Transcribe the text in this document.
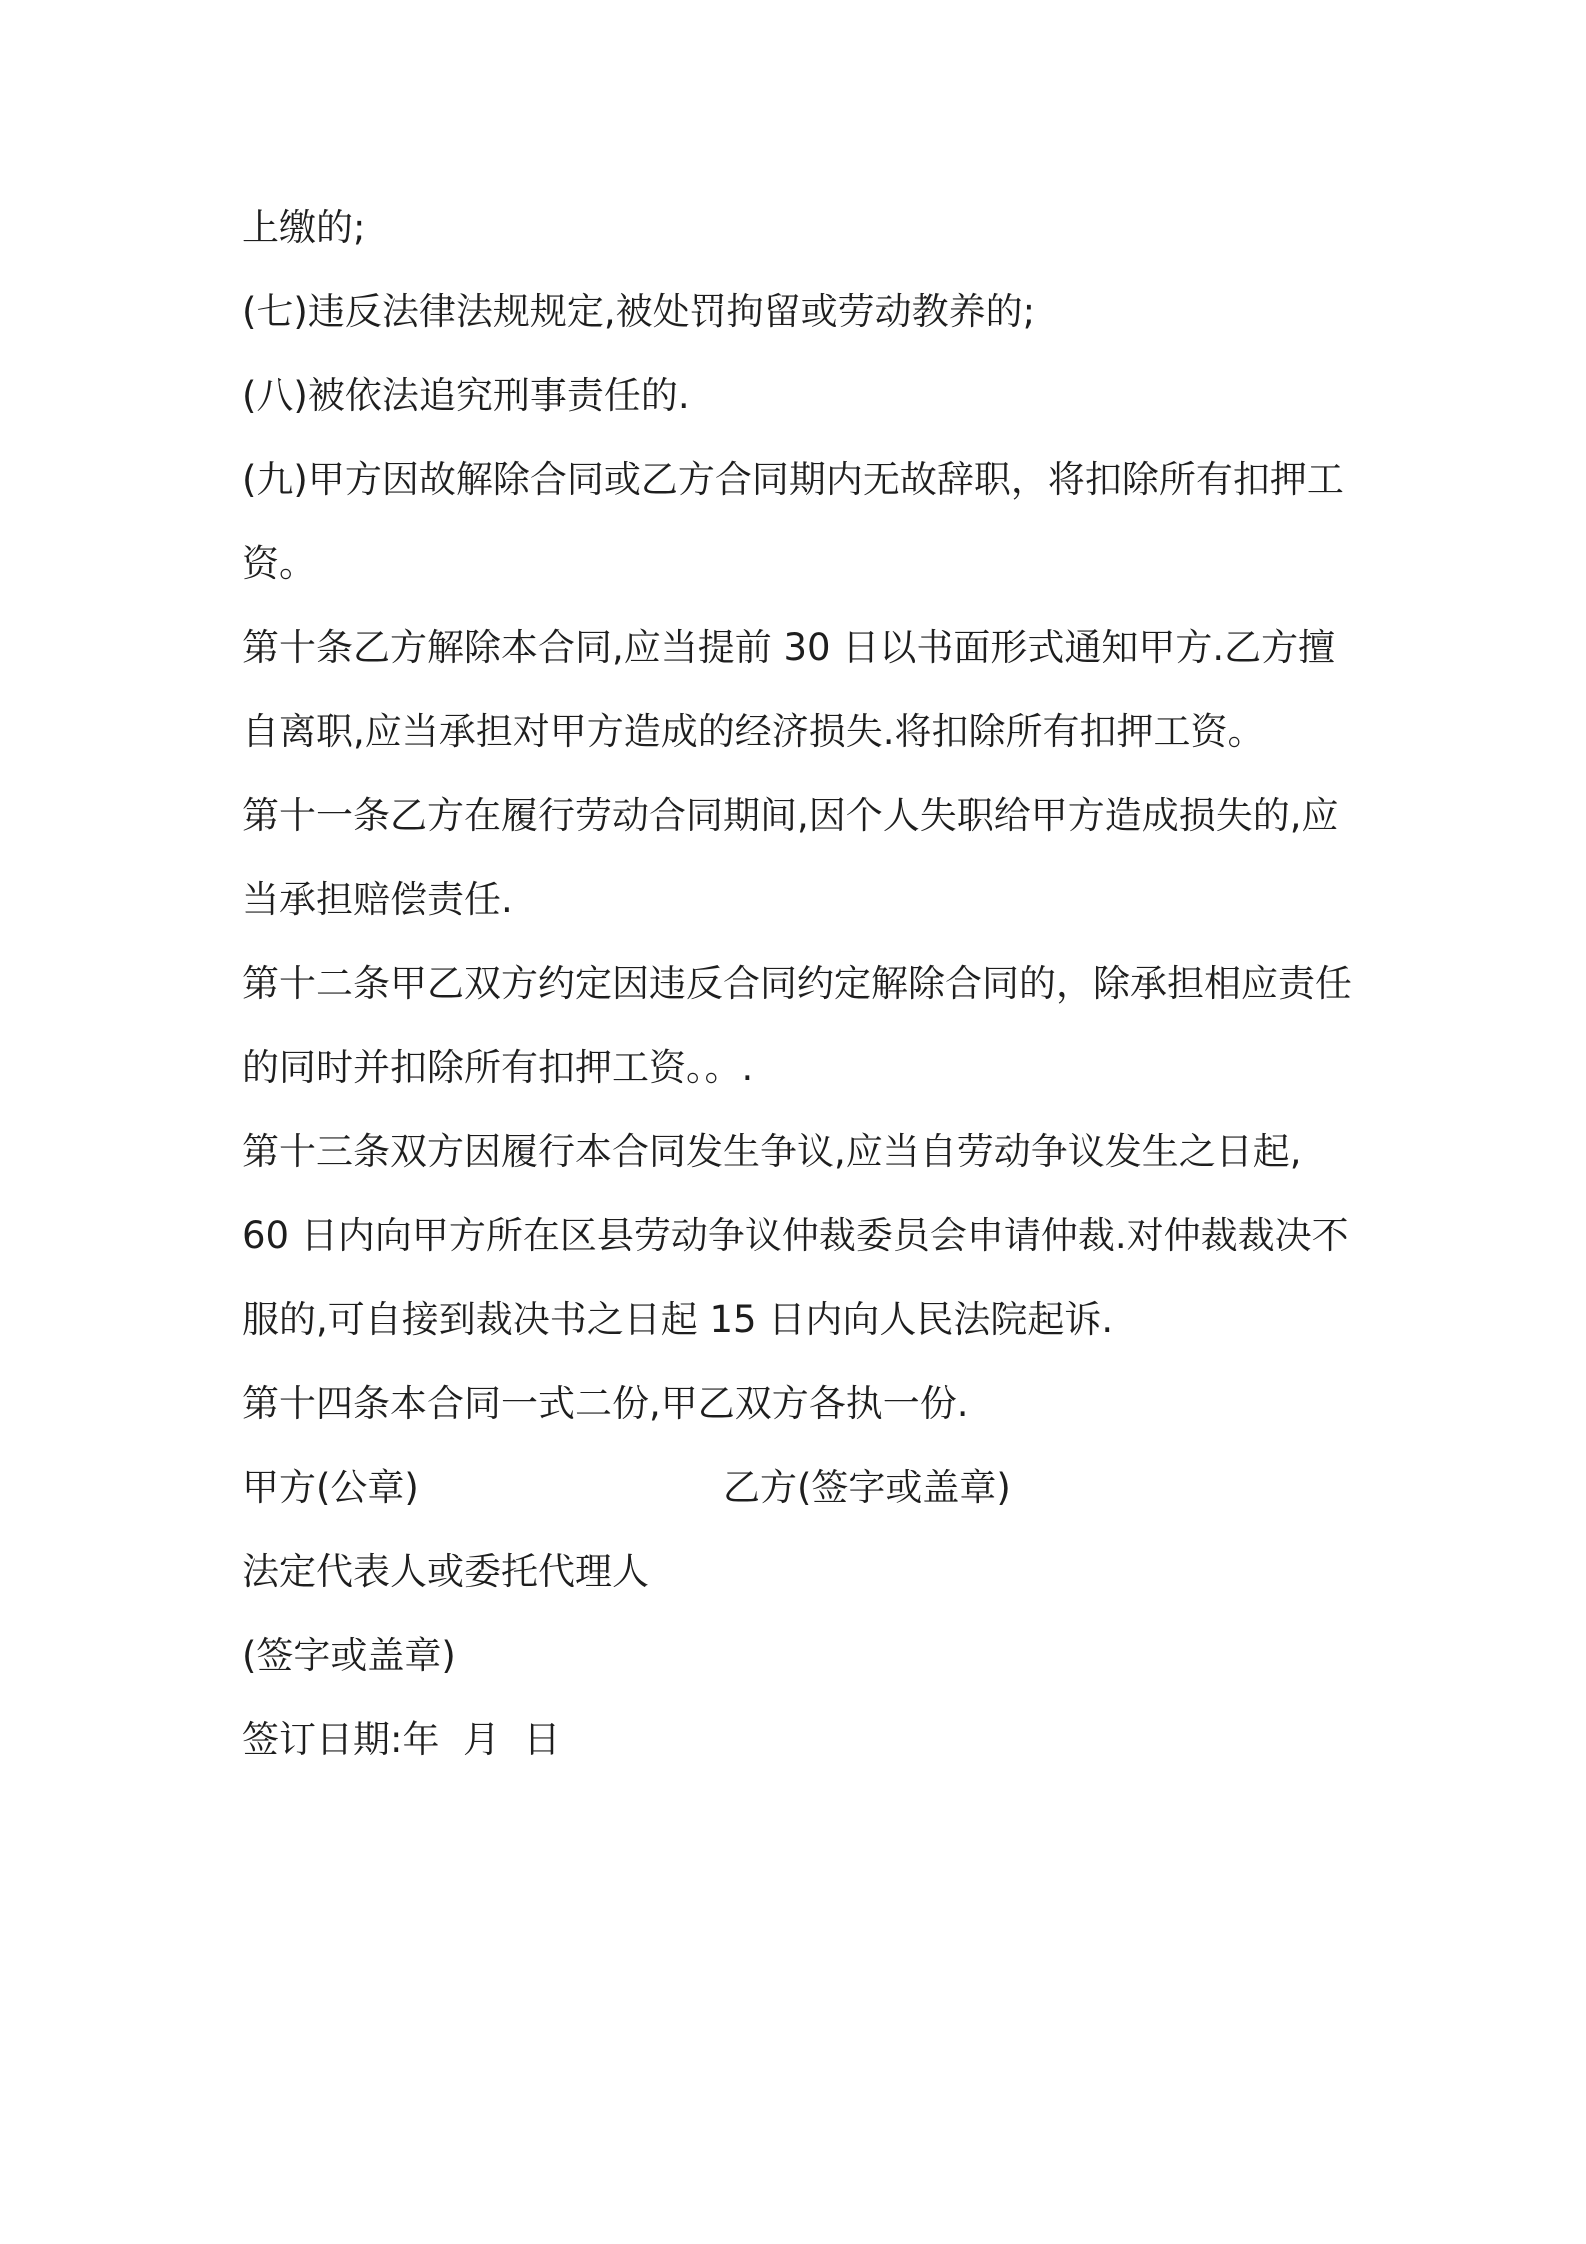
上缴的;
(七)违反法律法规规定,被处罚拘留或劳动教养的;
(八)被依法追究刑事责任的.
(九)甲方因故解除合同或乙方合同期内无故辞职，将扣除所有扣押工
资。
第十条乙方解除本合同,应当提前 30 日以书面形式通知甲方.乙方擅
自离职,应当承担对甲方造成的经济损失.将扣除所有扣押工资。
第十一条乙方在履行劳动合同期间,因个人失职给甲方造成损失的,应
当承担赔偿责任.
第十二条甲乙双方约定因违反合同约定解除合同的，除承担相应责任
的同时并扣除所有扣押工资。。.
第十三条双方因履行本合同发生争议,应当自劳动争议发生之日起,
60 日内向甲方所在区县劳动争议仲裁委员会申请仲裁.对仲裁裁决不
服的,可自接到裁决书之日起 15 日内向人民法院起诉.
第十四条本合同一式二份,甲乙双方各执一份.
甲方(公章)	乙方(签字或盖章)
法定代表人或委托代理人
(签字或盖章)
签订日期:年  月  日
